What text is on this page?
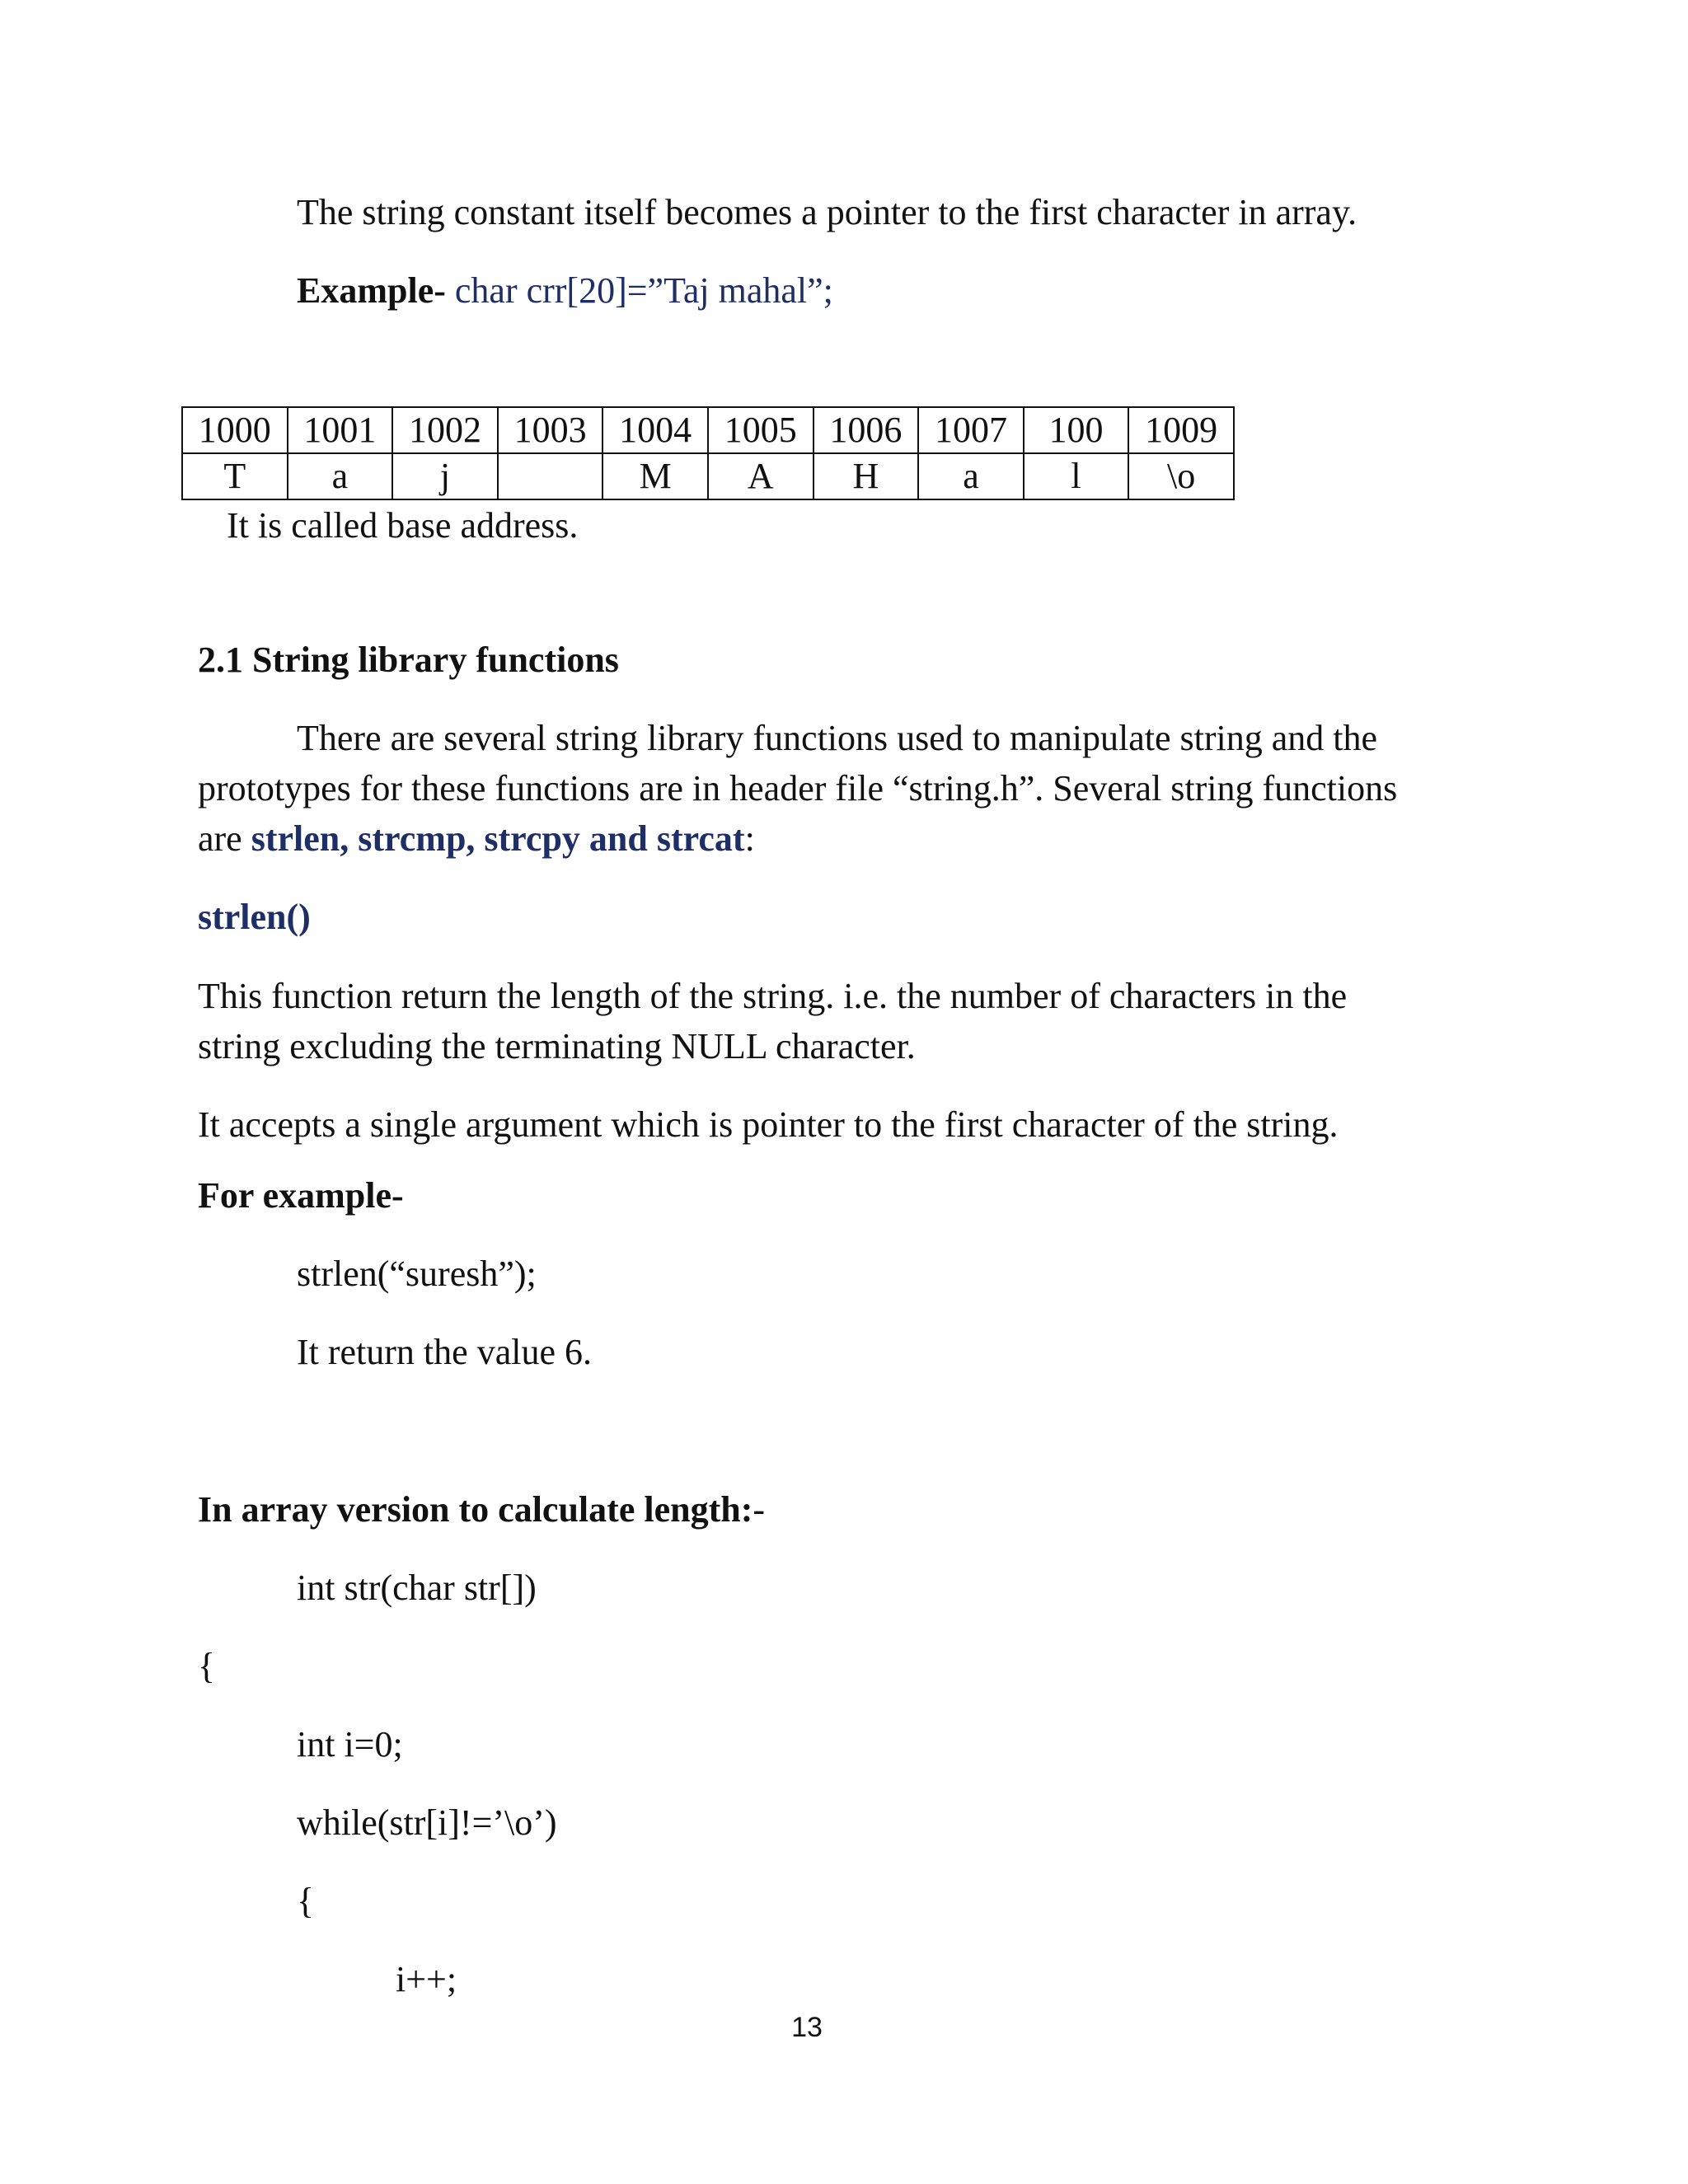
The string constant itself becomes a pointer to the first character in array.
Example- char crr[20]=”Taj mahal”;
1000	1001	1002	1003	1004	1005	1006	1007	100	1009
T	a	j		M	A	H	a	l	\o
It is called base address.
2.1 String library functions
There are several string library functions used to manipulate string and the
prototypes for these functions are in header file “string.h”. Several string functions
are strlen, strcmp, strcpy and strcat:
strlen()
This function return the length of the string. i.e. the number of characters in the
string excluding the terminating NULL character.
It accepts a single argument which is pointer to the first character of the string.
For example-
strlen(“suresh”);
It return the value 6.
In array version to calculate length:-
int str(char str[])
{
int i=0;
while(str[i]!=’\o’)
{
i++;
13
